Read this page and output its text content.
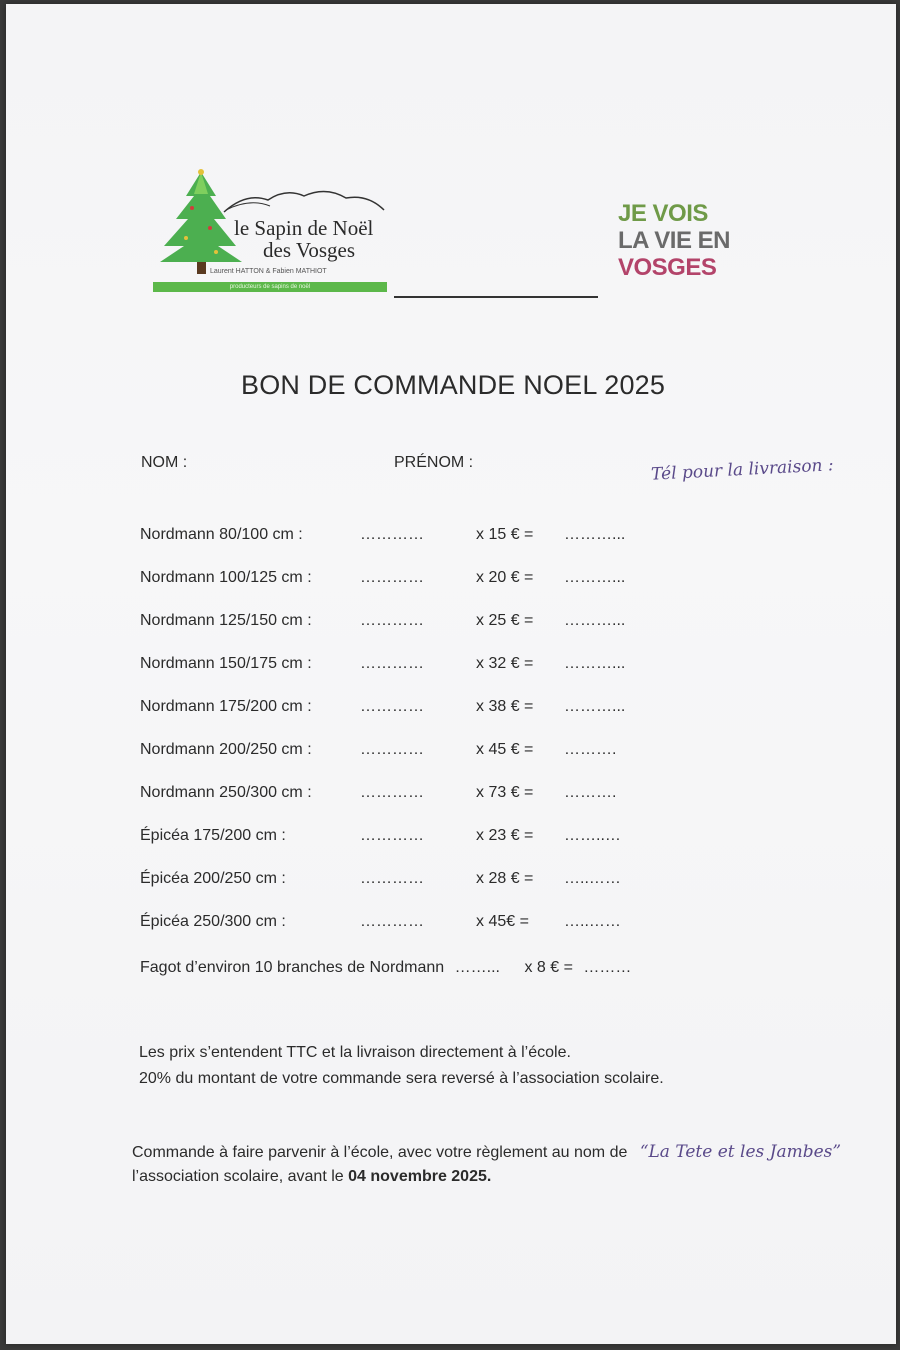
le Sapin de Noël
des Vosges
Laurent HATTON & Fabien MATHIOT
producteurs de sapins de noël
JE VOIS
LA VIE EN
VOSGES
BON DE COMMANDE NOEL 2025
NOM :	PRÉNOM :	Tél pour la livraison :
Nordmann 80/100 cm :	…………	x 15 € = ………...
Nordmann 100/125 cm :	…………	x 20 € = ………...
Nordmann 125/150 cm :	…………	x 25 € = ………...
Nordmann 150/175 cm :	…………	x 32 € = ………...
Nordmann 175/200 cm :	…………	x 38 € = ………...
Nordmann 200/250 cm :	…………	x 45 € = ……….
Nordmann 250/300 cm :	…………	x 73 € = ……….
Épicéa 175/200 cm :	…………	x 23 € = ……..…
Épicéa 200/250 cm :	…………	x 28 € = …..……
Épicéa 250/300 cm :	…………	x 45€ = …..……
Fagot d’environ 10 branches de Nordmann ……... x 8 € = ………
Les prix s’entendent TTC et la livraison directement à l’école.
20% du montant de votre commande sera reversé à l’association scolaire.
Commande à faire parvenir à l’école, avec votre règlement au nom de “La Tete et les Jambes”
l’association scolaire, avant le 04 novembre 2025.
